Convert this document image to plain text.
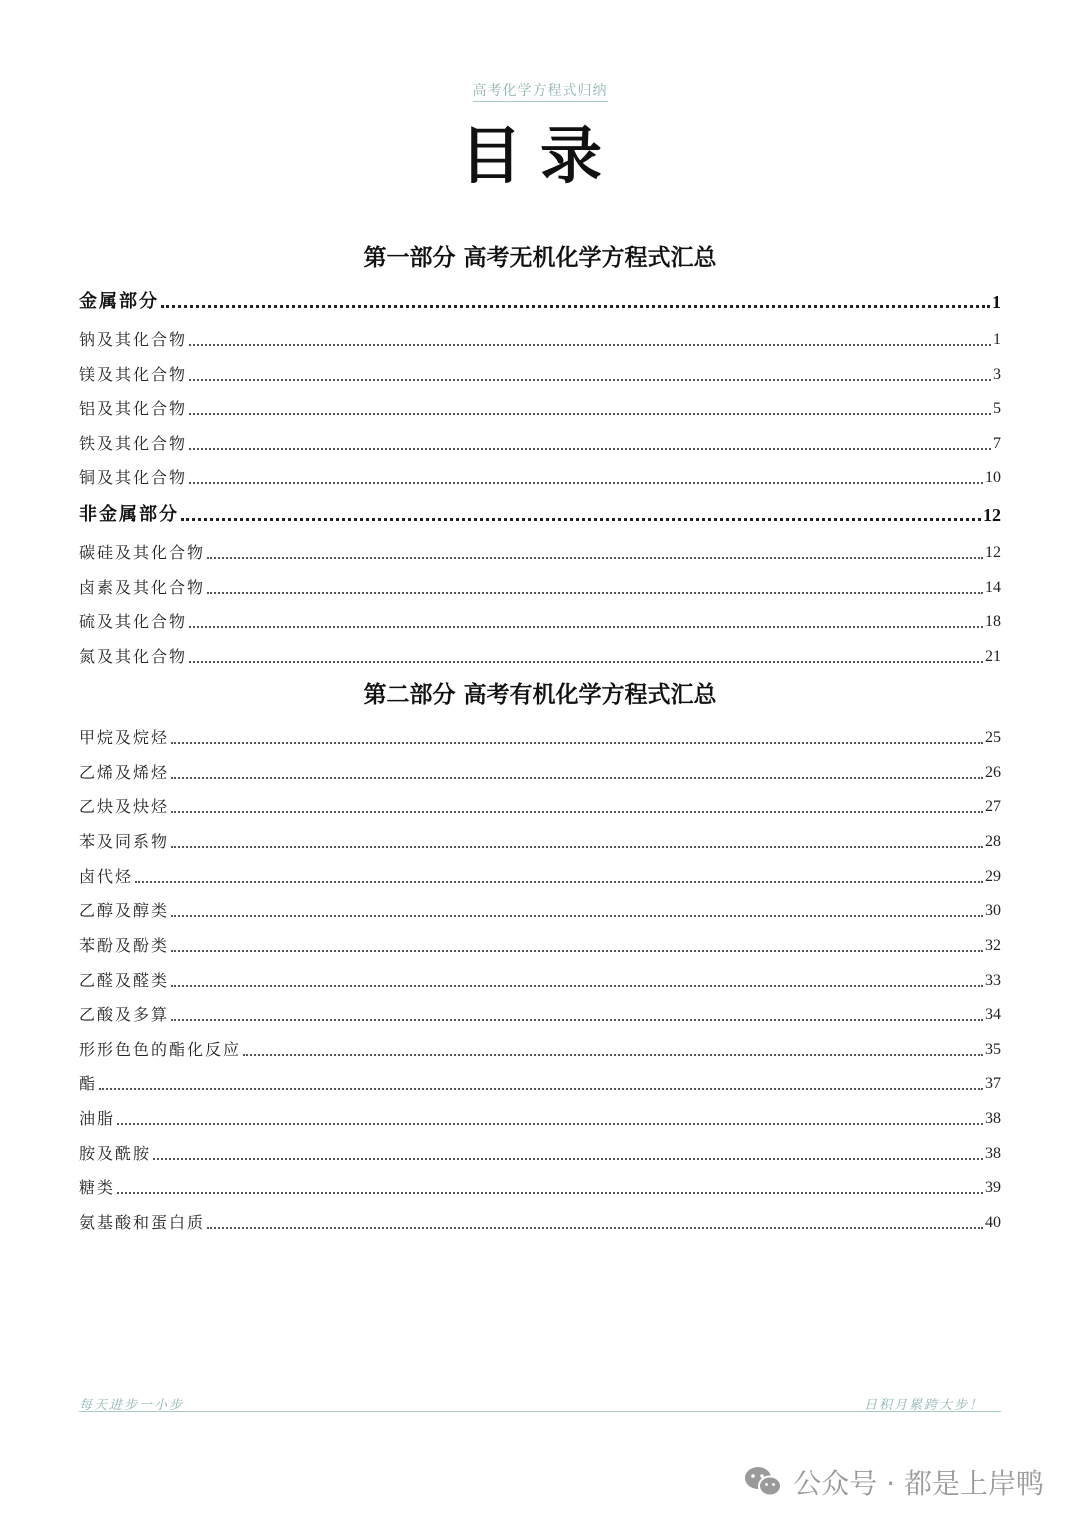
高考化学方程式归纳
目录
第一部分 高考无机化学方程式汇总
金属部分	1
钠及其化合物	1
镁及其化合物	3
铝及其化合物	5
铁及其化合物	7
铜及其化合物	10
非金属部分	12
碳硅及其化合物	12
卤素及其化合物	14
硫及其化合物	18
氮及其化合物	21
第二部分 高考有机化学方程式汇总
甲烷及烷烃	25
乙烯及烯烃	26
乙炔及炔烃	27
苯及同系物	28
卤代烃	29
乙醇及醇类	30
苯酚及酚类	32
乙醛及醛类	33
乙酸及多算	34
形形色色的酯化反应	35
酯	37
油脂	38
胺及酰胺	38
糖类	39
氨基酸和蛋白质	40
每天进步一小步	日积月累跨大步！
公众号 · 都是上岸鸭
